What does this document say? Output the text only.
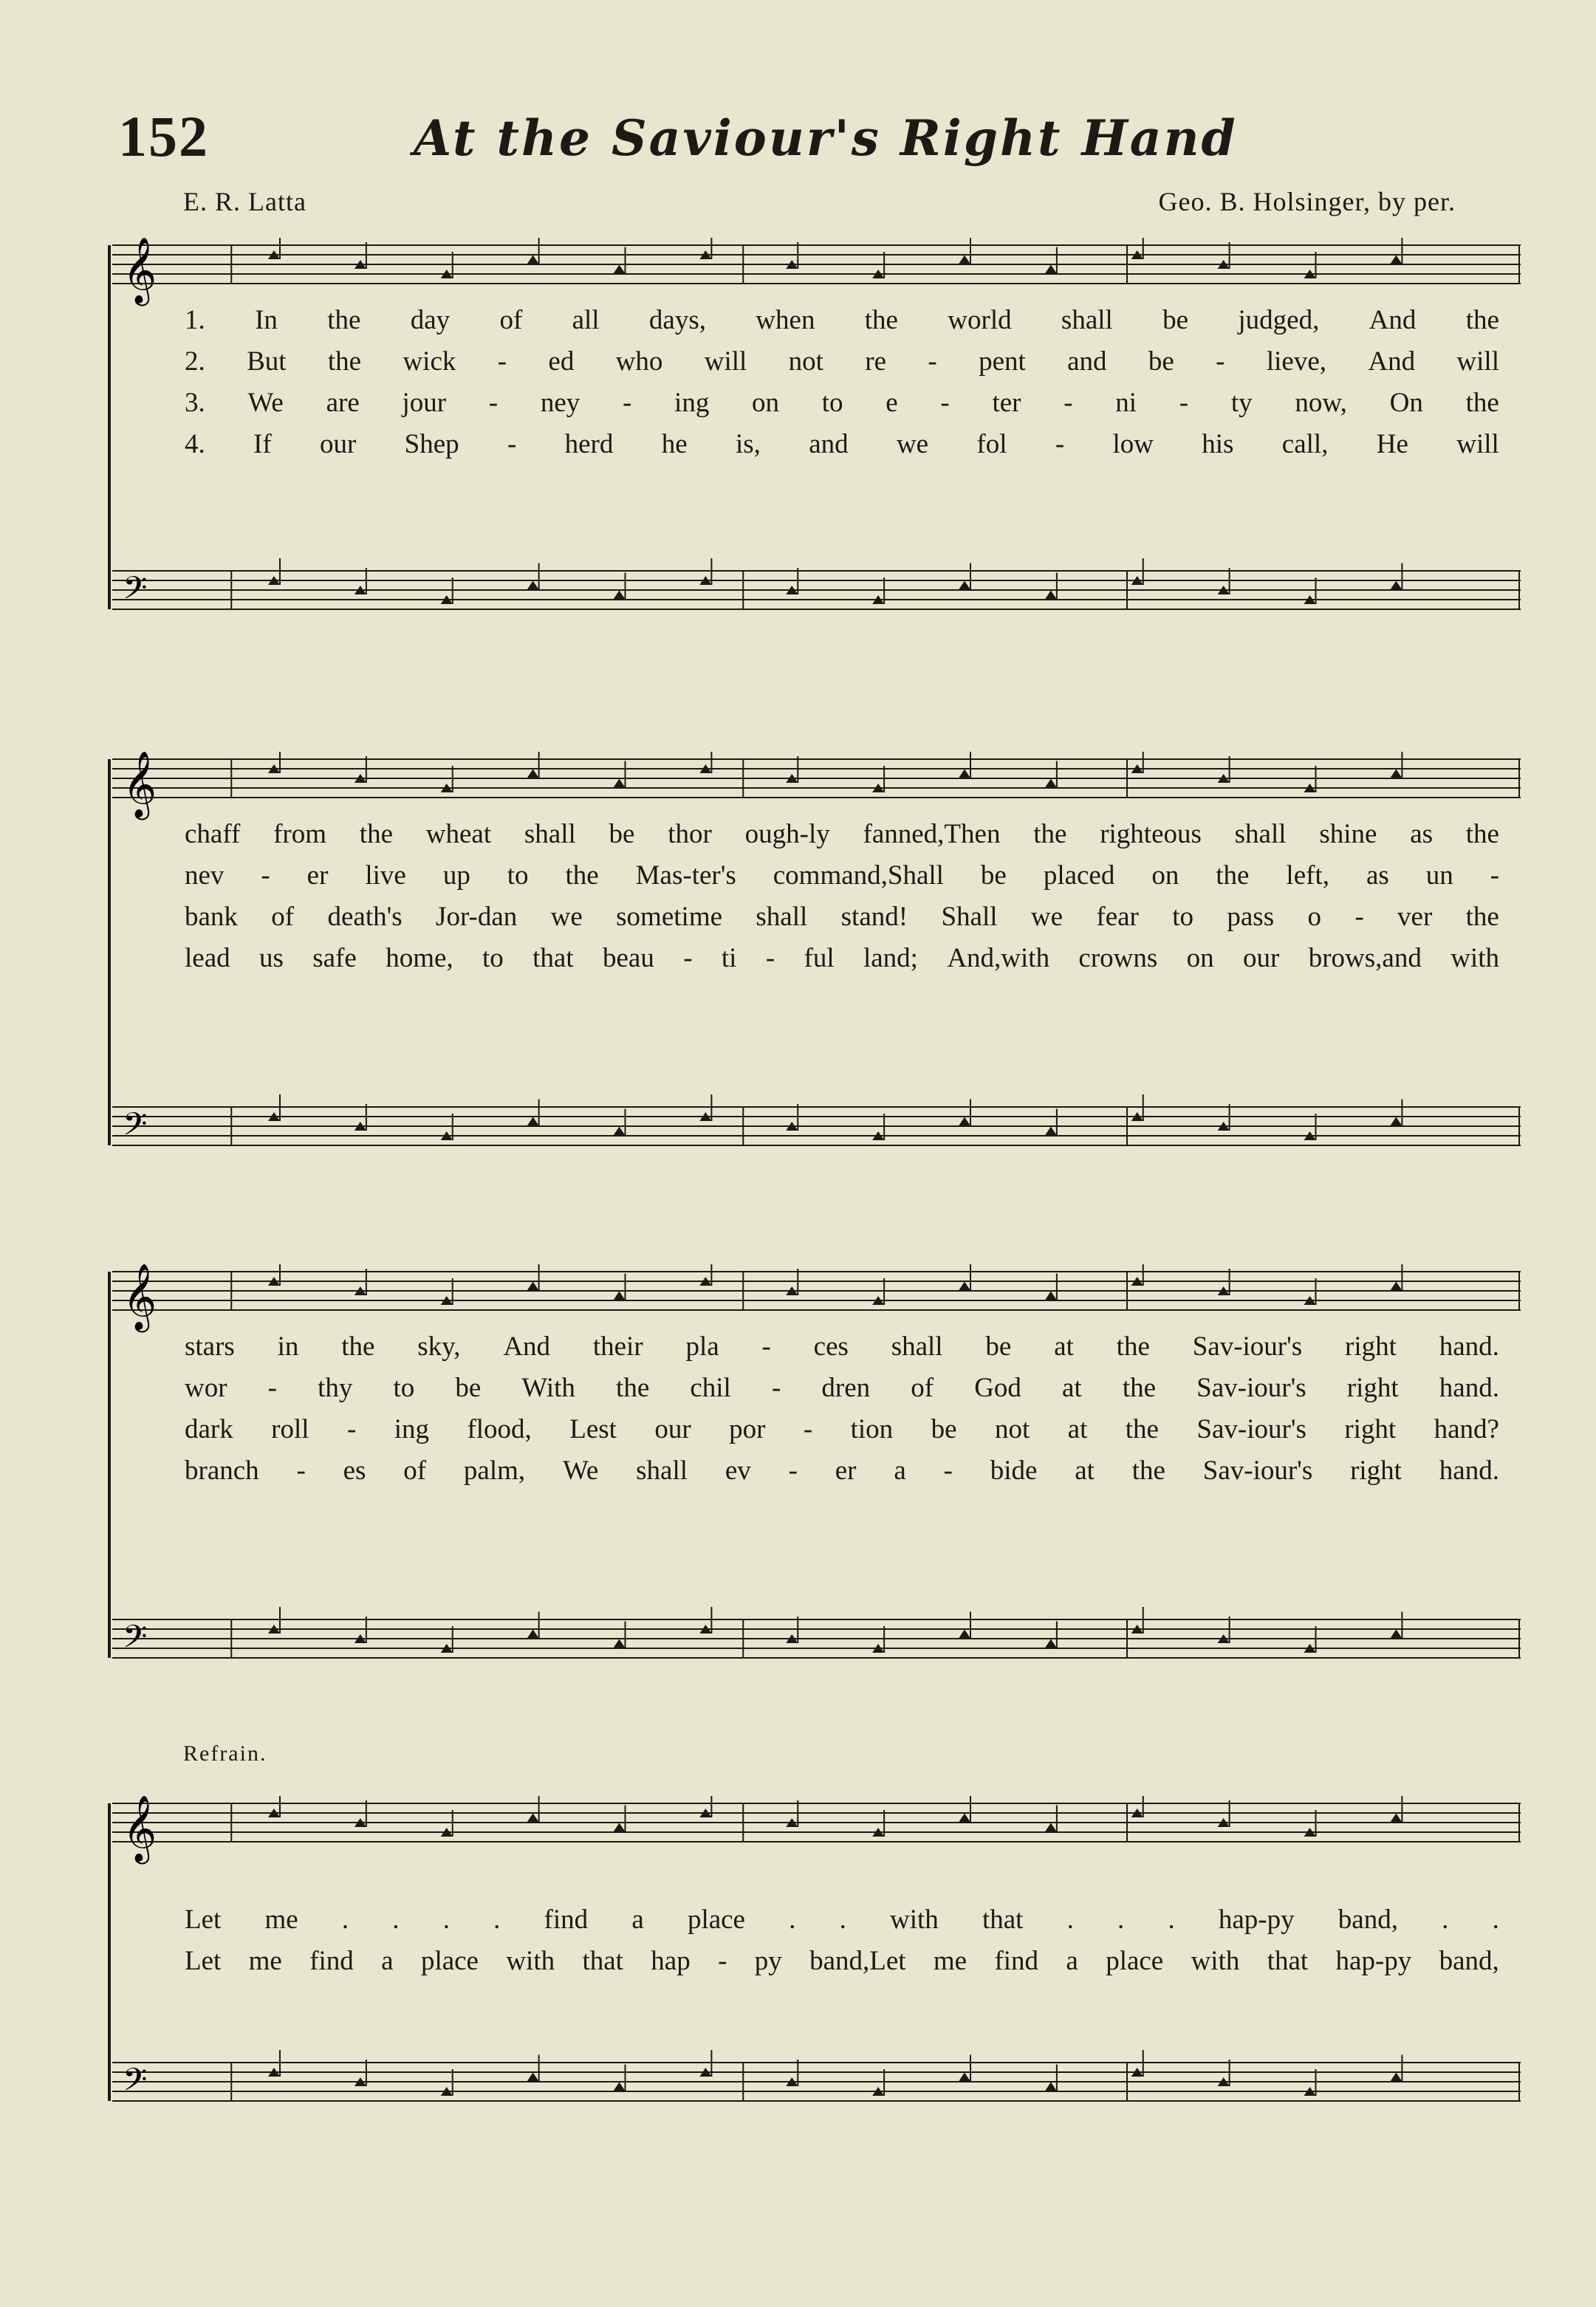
152	At the Saviour's Right Hand
E. R. Latta	Geo. B. Holsinger, by per.
𝄞
𝄢
1. In the day of all days, when the world shall be judged, And the
2. But the wick - ed who will not re - pent and be - lieve, And will
3. We are jour - ney - ing on to e - ter - ni - ty now, On the
4. If our Shep - herd he is, and we fol - low his call, He will
𝄞
𝄢
chaff from the wheat shall be thor ough-ly fanned,Then the righteous shall shine as the
nev - er live up to the Mas-ter's command,Shall be placed on the left, as un -
bank of death's Jor-dan we sometime shall stand! Shall we fear to pass o - ver the
lead us safe home, to that beau - ti - ful land; And,with crowns on our brows,and with
𝄞
𝄢
stars in the sky, And their pla - ces shall be at the Sav-iour's right hand.
wor - thy to be With the chil - dren of God at the Sav-iour's right hand.
dark roll - ing flood, Lest our por - tion be not at the Sav-iour's right hand?
branch - es of palm, We shall ev - er a - bide at the Sav-iour's right hand.
Refrain.
𝄞
𝄢
Let me . . . . find a place . . with that . . . hap-py band, . .
Let me find a place with that hap - py band,Let me find a place with that hap-py band,
